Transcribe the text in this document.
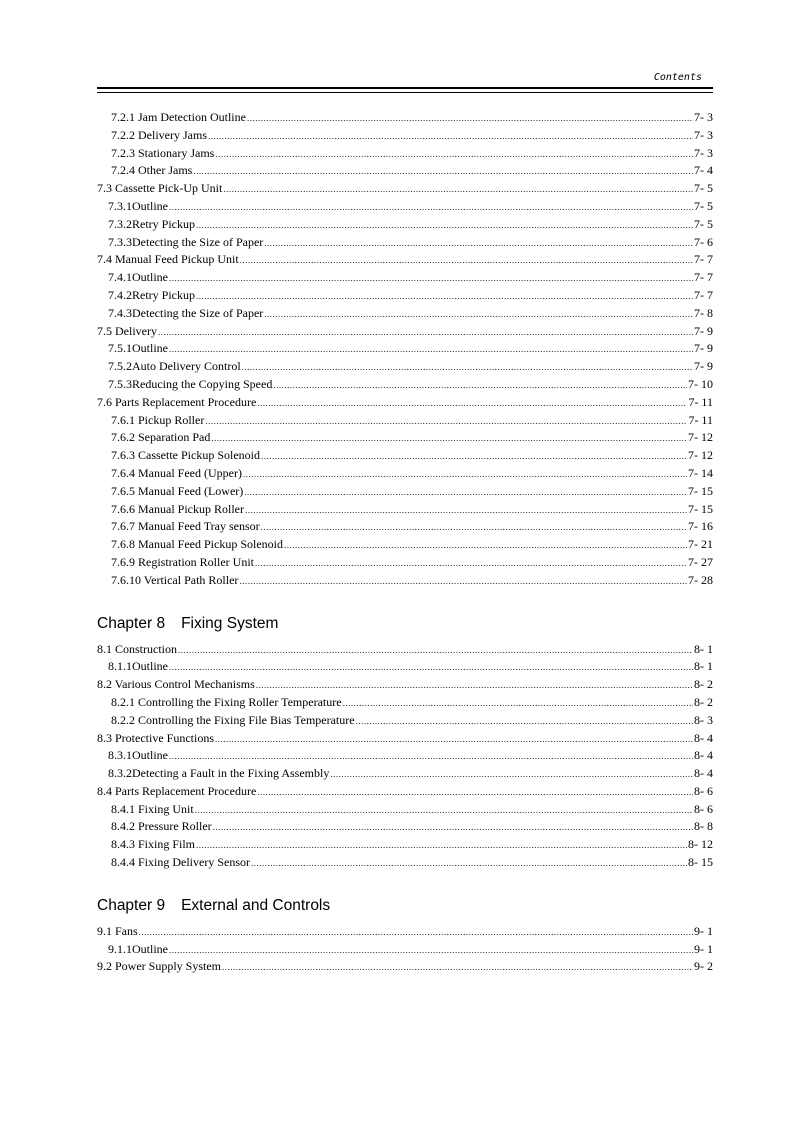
Contents
7.2.1 Jam Detection Outline .....	7- 3
7.2.2 Delivery Jams .....	7- 3
7.2.3 Stationary Jams .....	7- 3
7.2.4 Other Jams .....	7- 4
7.3 Cassette Pick-Up Unit .....	7- 5
7.3.1Outline .....	7- 5
7.3.2Retry Pickup .....	7- 5
7.3.3Detecting the Size of Paper .....	7- 6
7.4 Manual Feed Pickup Unit .....	7- 7
7.4.1Outline .....	7- 7
7.4.2Retry Pickup .....	7- 7
7.4.3Detecting the Size of Paper .....	7- 8
7.5 Delivery .....	7- 9
7.5.1Outline .....	7- 9
7.5.2Auto Delivery Control .....	7- 9
7.5.3Reducing the Copying Speed .....	7- 10
7.6 Parts Replacement Procedure .....	7- 11
7.6.1 Pickup Roller .....	7- 11
7.6.2 Separation Pad .....	7- 12
7.6.3 Cassette Pickup Solenoid .....	7- 12
7.6.4 Manual Feed (Upper) .....	7- 14
7.6.5 Manual Feed (Lower) .....	7- 15
7.6.6 Manual Pickup Roller .....	7- 15
7.6.7 Manual Feed Tray sensor .....	7- 16
7.6.8 Manual Feed Pickup Solenoid .....	7- 21
7.6.9 Registration Roller Unit .....	7- 27
7.6.10 Vertical Path Roller .....	7- 28
Chapter 8 Fixing System
8.1 Construction .....	8- 1
8.1.1Outline .....	8- 1
8.2 Various Control Mechanisms .....	8- 2
8.2.1 Controlling the Fixing Roller Temperature .....	8- 2
8.2.2 Controlling the Fixing File Bias Temperature .....	8- 3
8.3 Protective Functions .....	8- 4
8.3.1Outline .....	8- 4
8.3.2Detecting a Fault in the Fixing Assembly .....	8- 4
8.4 Parts Replacement Procedure .....	8- 6
8.4.1 Fixing Unit .....	8- 6
8.4.2 Pressure Roller .....	8- 8
8.4.3 Fixing Film .....	8- 12
8.4.4 Fixing Delivery Sensor .....	8- 15
Chapter 9 External and Controls
9.1 Fans .....	9- 1
9.1.1Outline .....	9- 1
9.2 Power Supply System .....	9- 2
